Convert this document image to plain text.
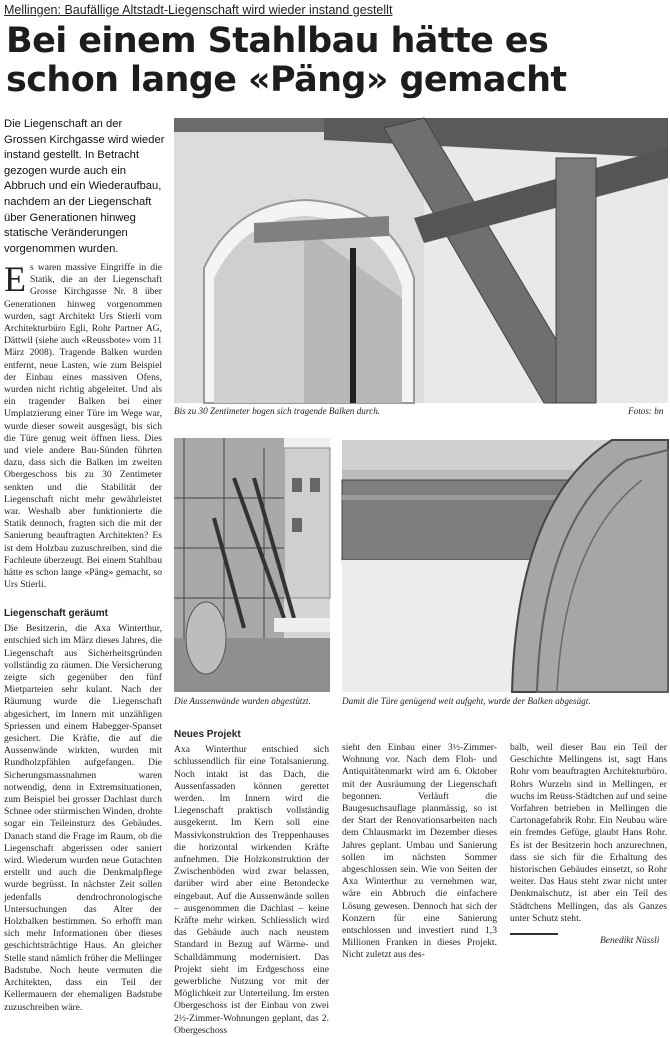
Mellingen: Baufällige Altstadt-Liegenschaft wird wieder instand gestellt
Bei einem Stahlbau hätte es schon lange «Päng» gemacht
Die Liegenschaft an der Grossen Kirchgasse wird wieder instand gestellt. In Betracht gezogen wurde auch ein Abbruch und ein Wiederaufbau, nachdem an der Liegenschaft über Generationen hinweg statische Veränderungen vorgenommen wurden.
E s waren massive Eingriffe in die Statik, die an der Liegenschaft Grosse Kirchgasse Nr. 8 über Generationen hinweg vorgenommen wurden, sagt Architekt Urs Stierli vom Architekturbüro Egli, Rohr Partner AG, Dättwil (siehe auch «Reussbote» vom 11 März 2008). Tragende Balken wurden entfernt, neue Lasten, wie zum Beispiel der Einbau eines massiven Ofens, wurden nicht richtig abgeleitet. Und als ein tragender Balken bei einer Umplatzierung einer Türe im Wege war, wurde dieser soweit ausgesägt, bis sich die Türe genug weit öffnen liess. Dies und viele andere Bau-Sünden führten dazu, dass sich die Balken im zweiten Obergeschoss bis zu 30 Zentimeter senkten und die Stabilität der Liegenschaft nicht mehr gewährleistet war. Weshalb aber funktionierte die Statik dennoch, fragten sich die mit der Sanierung beauftragten Architekten? Es ist dem Holzbau zuzuschreiben, sind die Fachleute überzeugt. Bei einem Stahlbau hätte es schon lange «Päng» gemacht, so Urs Stierli.

Liegenschaft geräumt

Die Besitzerin, die Axa Winterthur, entschied sich im März dieses Jahres, die Liegenschaft aus Sicherheitsgründen vollständig zu räumen. Die Versicherung zeigte sich gegenüber den fünf Mietparteien sehr kulant. Nach der Räumung wurde die Liegenschaft abgesichert, im Innern mit unzähligen Spriessen und einem Habegger-Spanset gesichert. Die Kräfte, die auf die Aussenwände wirkten, wurden mit Rundholzpfählen aufgefangen. Die Sicherungsmassnahmen waren notwendig, denn in Extremsituationen, zum Beispiel bei grosser Dachlast durch Schnee oder stürmischen Winden, drohte sogar ein Teileinsturz des Gebäudes. Danach stand die Frage im Raum, ob die Liegenschaft abgerissen oder saniert wird. Wiederum wurden neue Gutachten erstellt und auch die Denkmalpflege wurde begrüsst. In nächster Zeit sollen jedenfalls dendrochronologische Untersuchungen das Alter der Holzbalken bestimmen. So erhofft man sich mehr Informationen über dieses geschichtsträchtige Haus. An gleicher Stelle stand nämlich früher die Mellinger Badstube. Noch heute vermuten die Architekten, dass ein Teil der Kellermauern der ehemaligen Badstube zuzuschreiben wäre.

Neues Projekt

Axa Winterthur entschied sich schlussendlich für eine Totalsanierung. Noch intakt ist das Dach, die Aussenfassaden können gerettet werden. Im Innern wird die Liegenschaft praktisch vollständig ausgekernt. Im Kern soll eine Massivkonstruktion des Treppenhauses die horizontal wirkenden Kräfte aufnehmen. Die Holzkonstruktion der Zwischenböden wird zwar belassen, darüber wird aber eine Betondecke eingebaut. Auf die Aussenwände sollen – ausgenommen die Dachlast – keine Kräfte mehr wirken. Schliesslich wird das Gebäude auch nach neustem Standard in Bezug auf Wärme- und Schalldämmung modernisiert. Das Projekt sieht im Erdgeschoss eine gewerbliche Nutzung vor mit der Möglichkeit zur Unterteilung. Im ersten Obergeschoss ist der Einbau von zwei 2½-Zimmer-Wohnungen geplant, das 2. Obergeschoss

sieht den Einbau einer 3½-Zimmer-Wohnung vor. Nach dem Floh- und Antiquitätenmarkt wird am 6. Oktober mit der Ausräumung der Liegenschaft begonnen. Verläuft die Baugesuchsauflage planmässig, so ist der Start der Renovationsarbeiten nach dem Chlausmarkt im Dezember dieses Jahres geplant. Umbau und Sanierung sollen im nächsten Sommer abgeschlossen sein. Wie von Seiten der Axa Winterthur zu vernehmen war, wäre ein Abbruch die einfachere Lösung gewesen. Dennoch hat sich der Konzern für eine Sanierung entschlossen und investiert rund 1,3 Millionen Franken in dieses Projekt. Nicht zuletzt aus des-

balb, weil dieser Bau ein Teil der Geschichte Mellingens ist, sagt Hans Rohr vom beauftragten Architekturbüro. Rohrs Wurzeln sind in Mellingen, er wuchs im Reuss-Städtchen auf und seine Vorfahren betrieben in Mellingen die Cartonagefabrik Rohr. Ein Neubau wäre ein fremdes Gefüge, glaubt Hans Rohr. Es ist der Besitzerin hoch anzurechnen, dass sie sich für die Erhaltung des historischen Gebäudes einsetzt, so Rohr weiter. Das Haus steht zwar nicht unter Denkmalschutz, ist aber ein Teil des Städtchens Mellingen, das als Ganzes unter Schutz steht.

Benedikt Nüssli
Bis zu 30 Zentimeter bogen sich tragende Balken durch.	Fotos: bn
Die Aussenwände wurden abgestützt.	Damit die Türe genügend weit aufgeht, wurde der Balken abgesägt.
